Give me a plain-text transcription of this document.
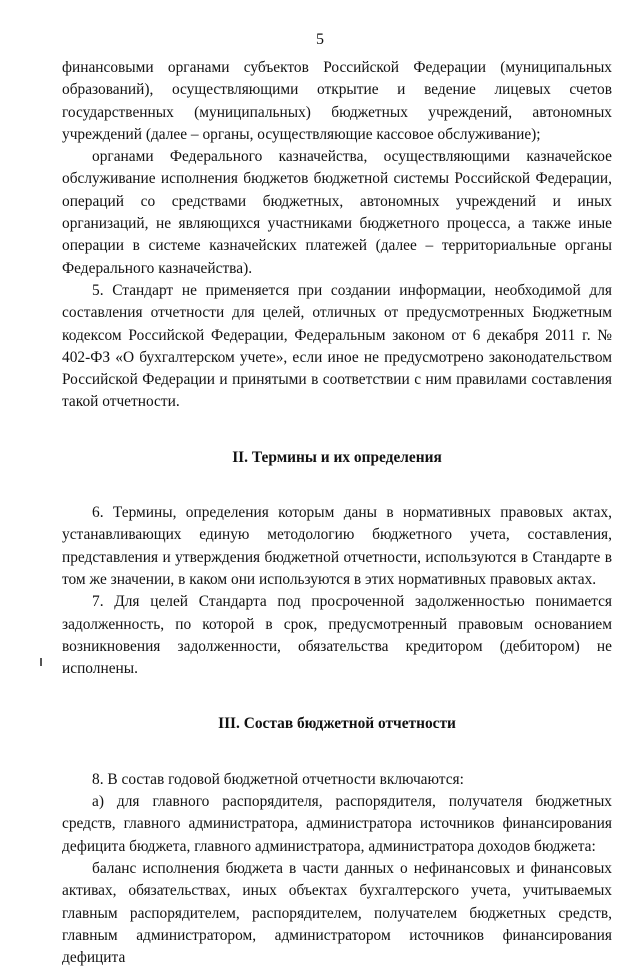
5

финансовыми органами субъектов Российской Федерации (муниципальных образований), осуществляющими открытие и ведение лицевых счетов государственных (муниципальных) бюджетных учреждений, автономных учреждений (далее – органы, осуществляющие кассовое обслуживание);

органами Федерального казначейства, осуществляющими казначейское обслуживание исполнения бюджетов бюджетной системы Российской Федерации, операций со средствами бюджетных, автономных учреждений и иных организаций, не являющихся участниками бюджетного процесса, а также иные операции в системе казначейских платежей (далее – территориальные органы Федерального казначейства).

5. Стандарт не применяется при создании информации, необходимой для составления отчетности для целей, отличных от предусмотренных Бюджетным кодексом Российской Федерации, Федеральным законом от 6 декабря 2011 г. № 402-ФЗ «О бухгалтерском учете», если иное не предусмотрено законодательством Российской Федерации и принятыми в соответствии с ним правилами составления такой отчетности.

II. Термины и их определения

6. Термины, определения которым даны в нормативных правовых актах, устанавливающих единую методологию бюджетного учета, составления, представления и утверждения бюджетной отчетности, используются в Стандарте в том же значении, в каком они используются в этих нормативных правовых актах.

7. Для целей Стандарта под просроченной задолженностью понимается задолженность, по которой в срок, предусмотренный правовым основанием возникновения задолженности, обязательства кредитором (дебитором) не исполнены.

III. Состав бюджетной отчетности

8. В состав годовой бюджетной отчетности включаются:

а) для главного распорядителя, распорядителя, получателя бюджетных средств, главного администратора, администратора источников финансирования дефицита бюджета, главного администратора, администратора доходов бюджета:

баланс исполнения бюджета в части данных о нефинансовых и финансовых активах, обязательствах, иных объектах бухгалтерского учета, учитываемых главным распорядителем, распорядителем, получателем бюджетных средств, главным администратором, администратором источников финансирования дефицита
